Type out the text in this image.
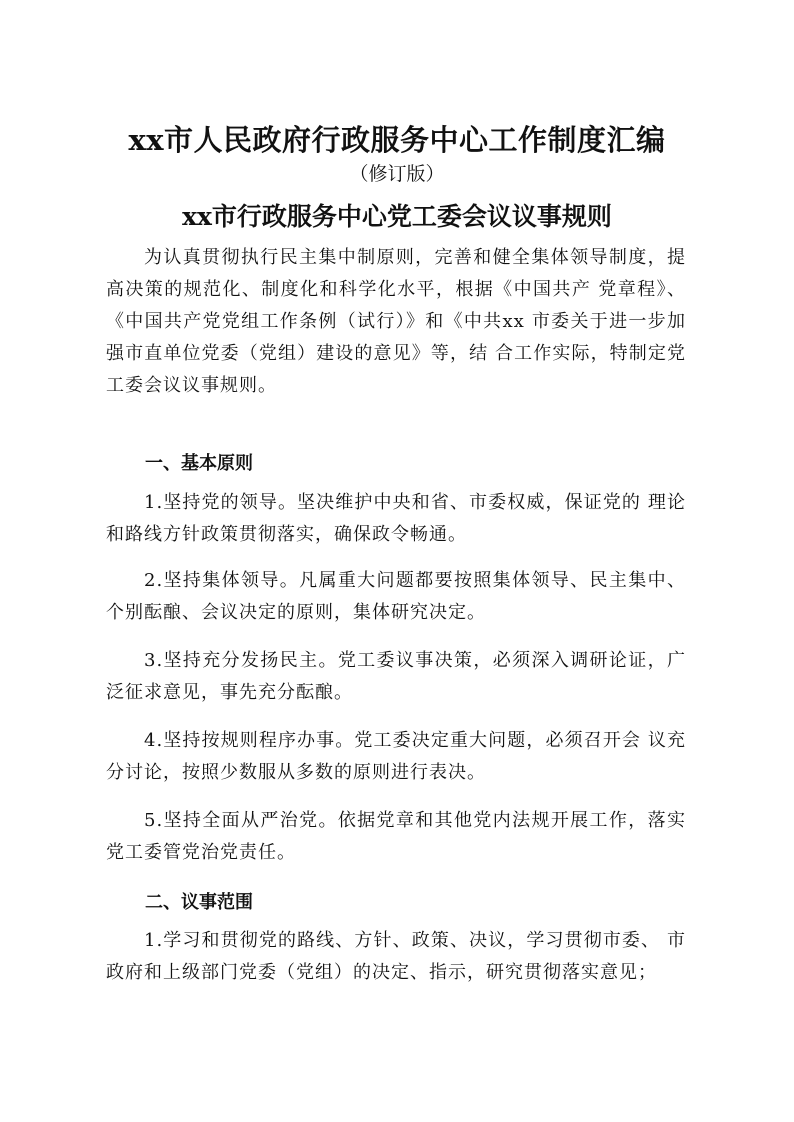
xx市人民政府行政服务中心工作制度汇编
（修订版）
xx市行政服务中心党工委会议议事规则

为认真贯彻执行民主集中制原则，完善和健全集体领导制度，提高决策的规范化、制度化和科学化水平，根据《中国共产 党章程》、《中国共产党党组工作条例（试行）》和《中共xx 市委关于进一步加强市直单位党委（党组）建设的意见》等，结 合工作实际，特制定党工委会议议事规则。

一、基本原则

1.坚持党的领导。坚决维护中央和省、市委权威，保证党的 理论和路线方针政策贯彻落实，确保政令畅通。

2.坚持集体领导。凡属重大问题都要按照集体领导、民主集中、个别酝酿、会议决定的原则，集体研究决定。

3.坚持充分发扬民主。党工委议事决策，必须深入调研论证，广泛征求意见，事先充分酝酿。

4.坚持按规则程序办事。党工委决定重大问题，必须召开会 议充分讨论，按照少数服从多数的原则进行表决。

5.坚持全面从严治党。依据党章和其他党内法规开展工作，落实党工委管党治党责任。

二、议事范围

1.学习和贯彻党的路线、方针、政策、决议，学习贯彻市委、 市政府和上级部门党委（党组）的决定、指示，研究贯彻落实意见；
